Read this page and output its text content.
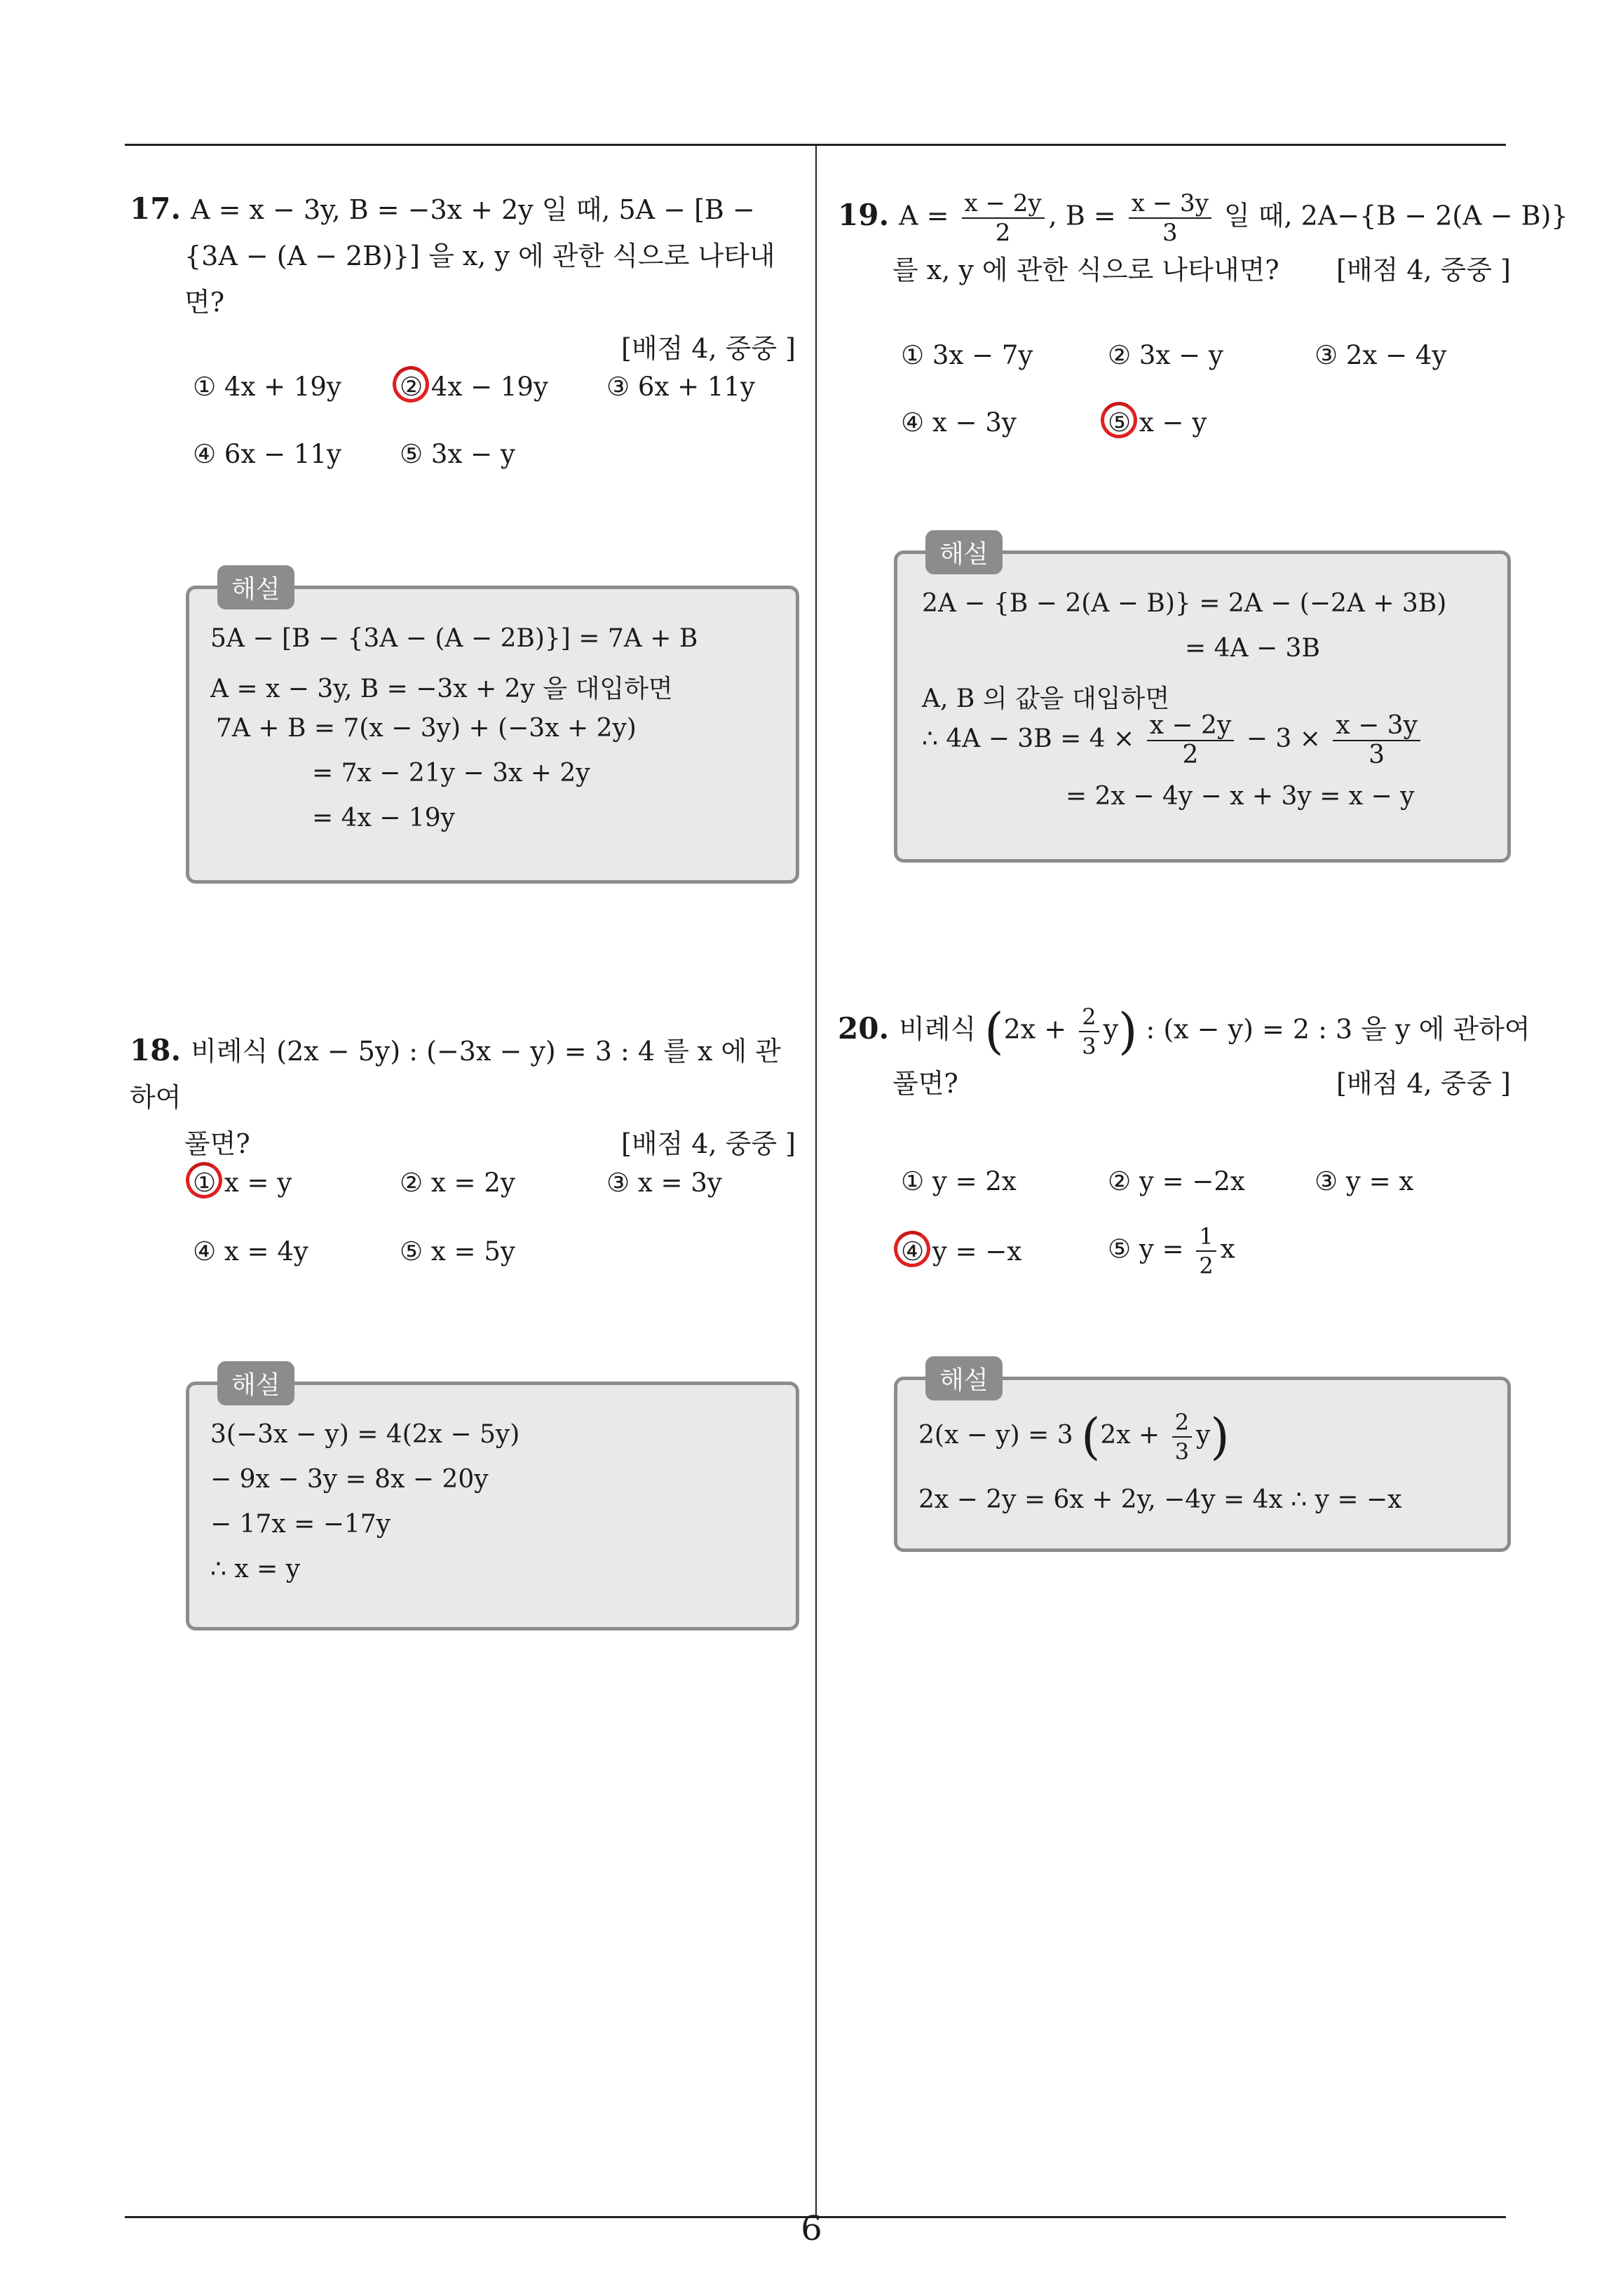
17. A = x − 3y, B = −3x + 2y 일 때, 5A − [B −
{3A − (A − 2B)}] 을 x, y 에 관한 식으로 나타내면?
[배점 4, 중중 ]
① 4x + 19y ② 4x − 19y ③ 6x + 11y
④ 6x − 11y ⑤ 3x − y
해설
5A − [B − {3A − (A − 2B)}] = 7A + B
A = x − 3y, B = −3x + 2y 을 대입하면
7A + B = 7(x − 3y) + (−3x + 2y)
= 7x − 21y − 3x + 2y
= 4x − 19y
18. 비례식 (2x − 5y) : (−3x − y) = 3 : 4 를 x 에 관하여
풀면?	[배점 4, 중중 ]
① x = y	② x = 2y	③ x = 3y
④ x = 4y	⑤ x = 5y
해설
3(−3x − y) = 4(2x − 5y)
− 9x − 3y = 8x − 20y
− 17x = −17y
∴ x = y
19. $A = \frac{x - 2y}{2}$ , $B = \frac{x - 3y}{3}$ 일 때, 2A−{B − 2(A − B)}
를 x, y 에 관한 식으로 나타내면? [배점 4, 중중 ]
① 3x − 7y	② 3x − y	③ 2x − 4y
④ x − 3y	⑤ x − y
해설
2A − {B − 2(A − B)} = 2A − (−2A + 3B)
= 4A − 3B
A, B 의 값을 대입하면
∴ $4A - 3B = 4 \times \frac{x - 2y}{2} - 3 \times \frac{x - 3y}{3}$
= 2x − 4y − x + 3y = x − y
20. 비례식 $(2x + \frac{2}{3} y)$ : (x − y) = 2 : 3 을 y 에 관하여
풀면?	[배점 4, 중중 ]
① y = 2x	② y = −2x	③ y = x
④ y = −x	⑤ $y = \frac{1}{2}$ x
해설
2(x − y) = 3 $(2x + \frac{2}{3} y)$
2x − 2y = 6x + 2y, −4y = 4x ∴ y = −x
6
